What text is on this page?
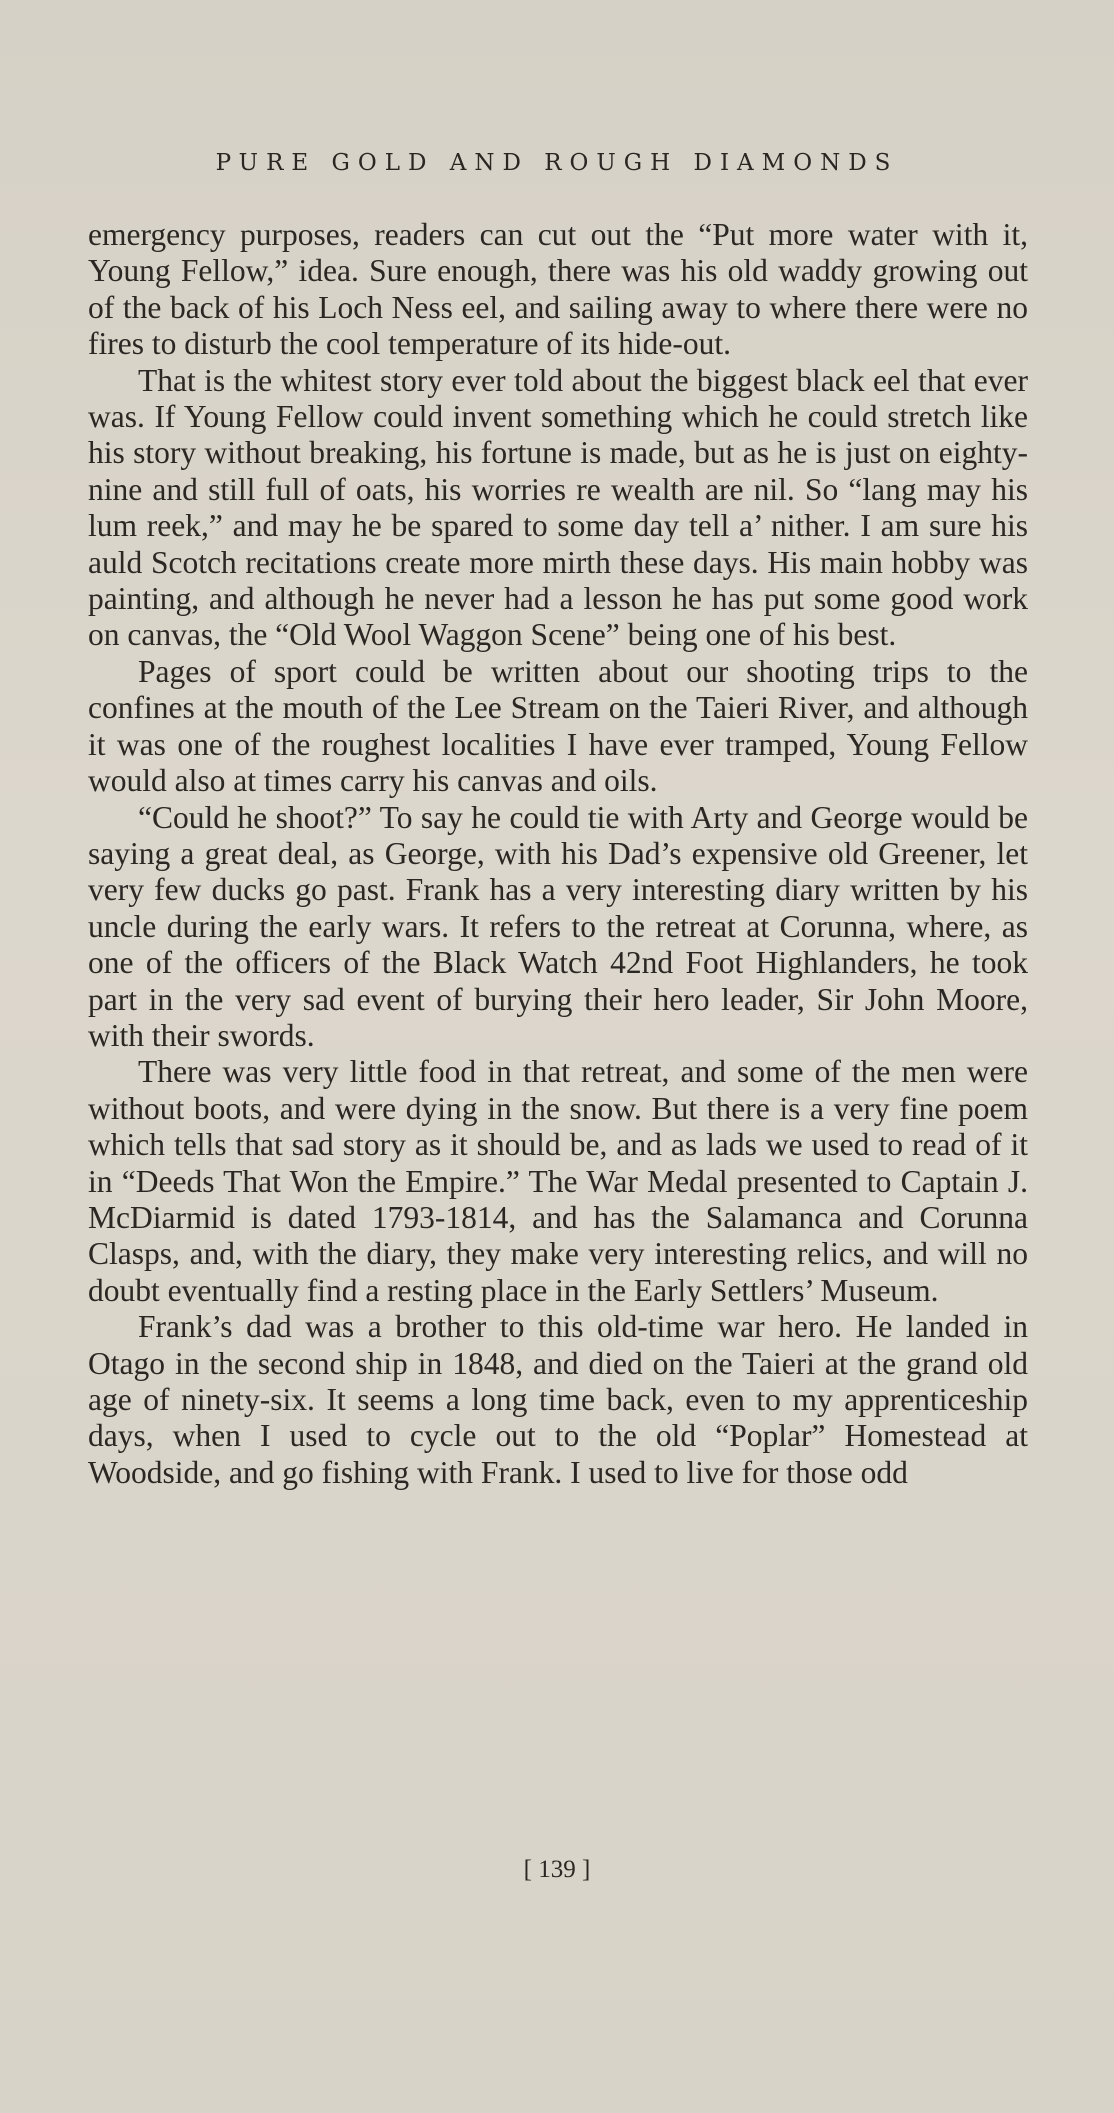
PURE GOLD AND ROUGH DIAMONDS

emergency purposes, readers can cut out the “Put more water with it, Young Fellow,” idea. Sure enough, there was his old waddy growing out of the back of his Loch Ness eel, and sailing away to where there were no fires to disturb the cool temperature of its hide-out.

That is the whitest story ever told about the biggest black eel that ever was. If Young Fellow could invent something which he could stretch like his story without breaking, his fortune is made, but as he is just on eighty-nine and still full of oats, his worries re wealth are nil. So “lang may his lum reek,” and may he be spared to some day tell a’ nither. I am sure his auld Scotch recitations create more mirth these days. His main hobby was painting, and although he never had a lesson he has put some good work on canvas, the “Old Wool Waggon Scene” being one of his best.

Pages of sport could be written about our shooting trips to the confines at the mouth of the Lee Stream on the Taieri River, and although it was one of the roughest localities I have ever tramped, Young Fellow would also at times carry his canvas and oils.

“Could he shoot?” To say he could tie with Arty and George would be saying a great deal, as George, with his Dad’s expensive old Greener, let very few ducks go past. Frank has a very interesting diary written by his uncle during the early wars. It refers to the retreat at Corunna, where, as one of the officers of the Black Watch 42nd Foot Highlanders, he took part in the very sad event of burying their hero leader, Sir John Moore, with their swords.

There was very little food in that retreat, and some of the men were without boots, and were dying in the snow. But there is a very fine poem which tells that sad story as it should be, and as lads we used to read of it in “Deeds That Won the Empire.” The War Medal presented to Captain J. McDiarmid is dated 1793-1814, and has the Salamanca and Corunna Clasps, and, with the diary, they make very interesting relics, and will no doubt eventually find a resting place in the Early Settlers’ Museum.

Frank’s dad was a brother to this old-time war hero. He landed in Otago in the second ship in 1848, and died on the Taieri at the grand old age of ninety-six. It seems a long time back, even to my apprenticeship days, when I used to cycle out to the old “Poplar” Homestead at Woodside, and go fishing with Frank. I used to live for those odd

[ 139 ]
